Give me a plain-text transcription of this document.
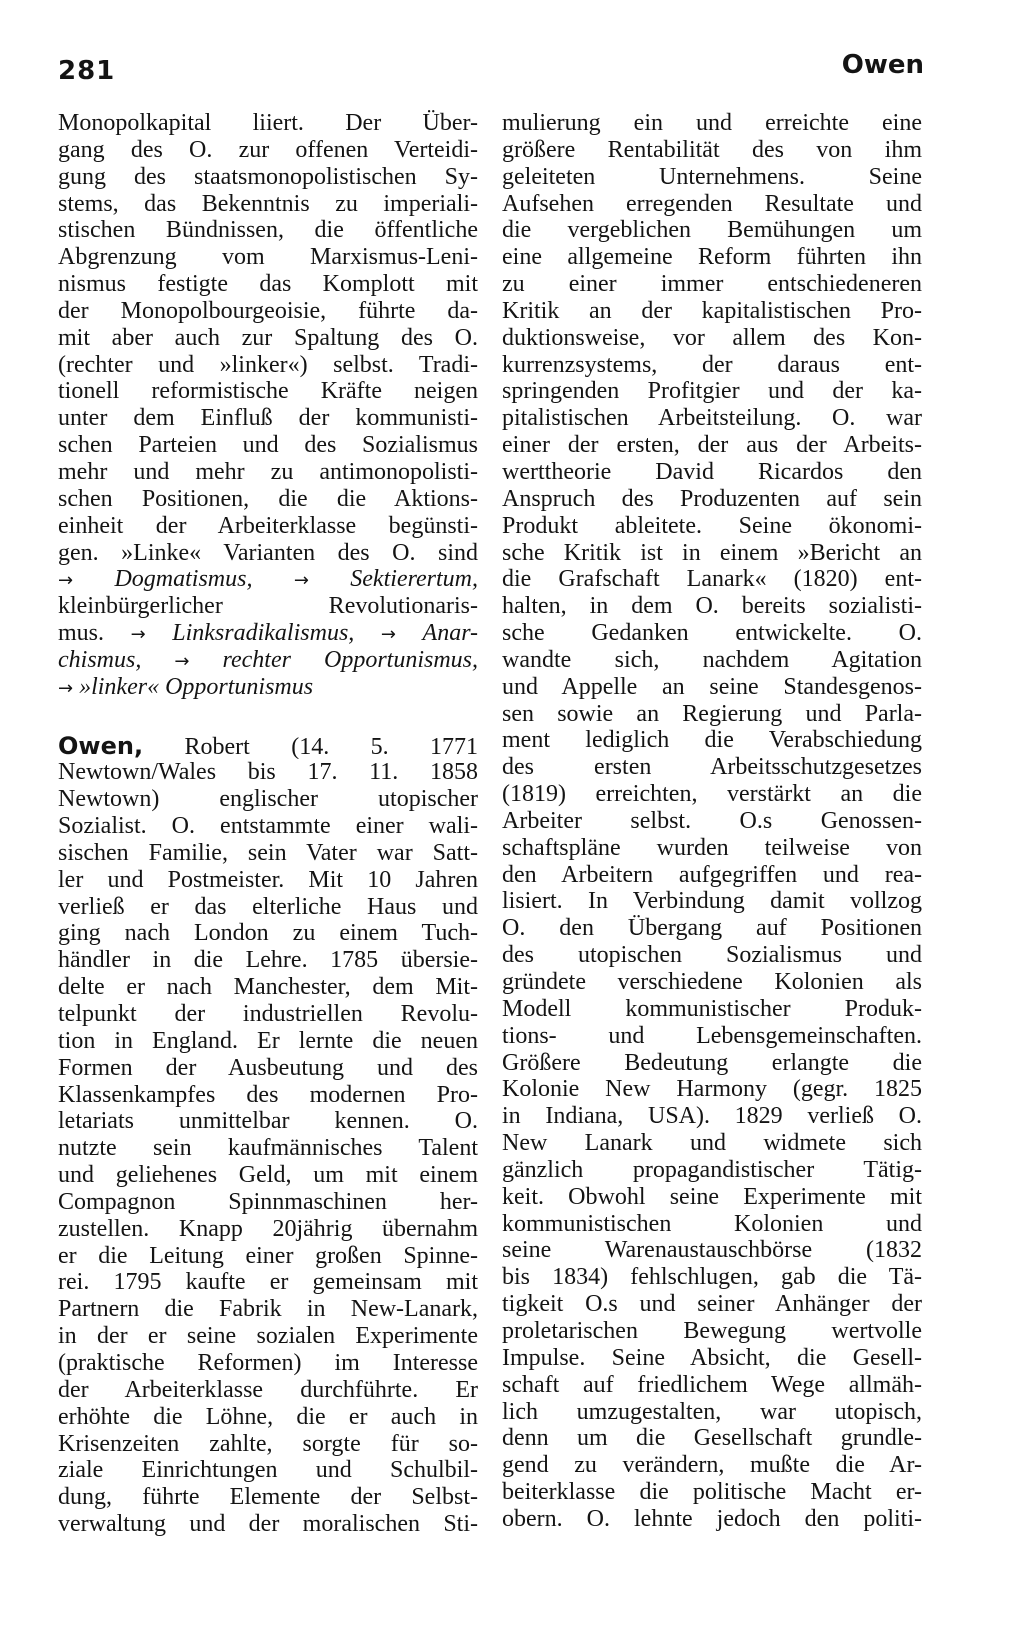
281	Owen
Monopolkapital liiert. Der Über-
gang des O. zur offenen Verteidi-
gung des staatsmonopolistischen Sy-
stems, das Bekenntnis zu imperiali-
stischen Bündnissen, die öffentliche
Abgrenzung vom Marxismus-Leni-
nismus festigte das Komplott mit
der Monopolbourgeoisie, führte da-
mit aber auch zur Spaltung des O.
(rechter und »linker«) selbst. Tradi-
tionell reformistische Kräfte neigen
unter dem Einfluß der kommunisti-
schen Parteien und des Sozialismus
mehr und mehr zu antimonopolisti-
schen Positionen, die die Aktions-
einheit der Arbeiterklasse begünsti-
gen. »Linke« Varianten des O. sind
→ Dogmatismus, → Sektierertum,
kleinbürgerlicher Revolutionaris-
mus. → Linksradikalismus, → Anar-
chismus, → rechter Opportunismus,
→ »linker« Opportunismus
Owen, Robert (14. 5. 1771
Newtown/Wales bis 17. 11. 1858
Newtown) englischer utopischer
Sozialist. O. entstammte einer wali-
sischen Familie, sein Vater war Satt-
ler und Postmeister. Mit 10 Jahren
verließ er das elterliche Haus und
ging nach London zu einem Tuch-
händler in die Lehre. 1785 übersie-
delte er nach Manchester, dem Mit-
telpunkt der industriellen Revolu-
tion in England. Er lernte die neuen
Formen der Ausbeutung und des
Klassenkampfes des modernen Pro-
letariats unmittelbar kennen. O.
nutzte sein kaufmännisches Talent
und geliehenes Geld, um mit einem
Compagnon Spinnmaschinen her-
zustellen. Knapp 20jährig übernahm
er die Leitung einer großen Spinne-
rei. 1795 kaufte er gemeinsam mit
Partnern die Fabrik in New-Lanark,
in der er seine sozialen Experimente
(praktische Reformen) im Interesse
der Arbeiterklasse durchführte. Er
erhöhte die Löhne, die er auch in
Krisenzeiten zahlte, sorgte für so-
ziale Einrichtungen und Schulbil-
dung, führte Elemente der Selbst-
verwaltung und der moralischen Sti-
mulierung ein und erreichte eine
größere Rentabilität des von ihm
geleiteten Unternehmens. Seine
Aufsehen erregenden Resultate und
die vergeblichen Bemühungen um
eine allgemeine Reform führten ihn
zu einer immer entschiedeneren
Kritik an der kapitalistischen Pro-
duktionsweise, vor allem des Kon-
kurrenzsystems, der daraus ent-
springenden Profitgier und der ka-
pitalistischen Arbeitsteilung. O. war
einer der ersten, der aus der Arbeits-
werttheorie David Ricardos den
Anspruch des Produzenten auf sein
Produkt ableitete. Seine ökonomi-
sche Kritik ist in einem »Bericht an
die Grafschaft Lanark« (1820) ent-
halten, in dem O. bereits sozialisti-
sche Gedanken entwickelte. O.
wandte sich, nachdem Agitation
und Appelle an seine Standesgenos-
sen sowie an Regierung und Parla-
ment lediglich die Verabschiedung
des ersten Arbeitsschutzgesetzes
(1819) erreichten, verstärkt an die
Arbeiter selbst. O.s Genossen-
schaftspläne wurden teilweise von
den Arbeitern aufgegriffen und rea-
lisiert. In Verbindung damit vollzog
O. den Übergang auf Positionen
des utopischen Sozialismus und
gründete verschiedene Kolonien als
Modell kommunistischer Produk-
tions- und Lebensgemeinschaften.
Größere Bedeutung erlangte die
Kolonie New Harmony (gegr. 1825
in Indiana, USA). 1829 verließ O.
New Lanark und widmete sich
gänzlich propagandistischer Tätig-
keit. Obwohl seine Experimente mit
kommunistischen Kolonien und
seine Warenaustauschbörse (1832
bis 1834) fehlschlugen, gab die Tä-
tigkeit O.s und seiner Anhänger der
proletarischen Bewegung wertvolle
Impulse. Seine Absicht, die Gesell-
schaft auf friedlichem Wege allmäh-
lich umzugestalten, war utopisch,
denn um die Gesellschaft grundle-
gend zu verändern, mußte die Ar-
beiterklasse die politische Macht er-
obern. O. lehnte jedoch den politi-
